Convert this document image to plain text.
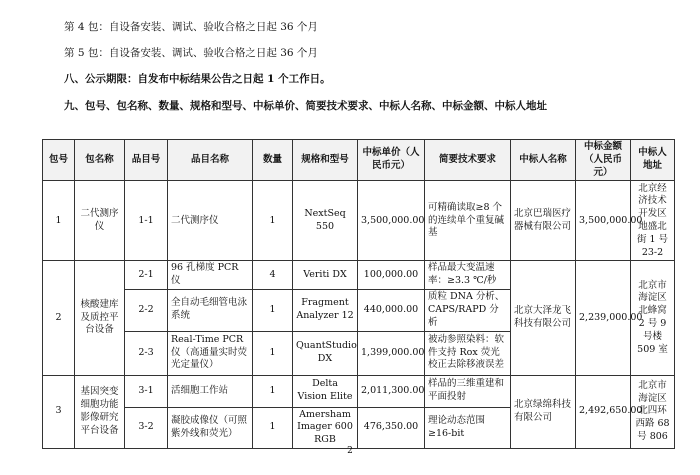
第 4 包：自设备安装、调试、验收合格之日起 36 个月
第 5 包：自设备安装、调试、验收合格之日起 36 个月
八、公示期限：自发布中标结果公告之日起 1 个工作日。
九、包号、包名称、数量、规格和型号、中标单价、简要技术要求、中标人名称、中标金额、中标人地址
包号	包名称	品目号	品目名称	数量	规格和型号	中标单价（人民币元）	简要技术要求	中标人名称	中标金额（人民币元）	中标人地址
1	二代测序仪	1-1	二代测序仪	1	NextSeq 550	3,500,000.00	可精确读取≥8 个的连续单个重复碱基	北京巴瑞医疗器械有限公司	3,500,000.00	北京经济技术开发区地盛北街 1 号 23-2
2	核酸建库及质控平台设备	2-1	96 孔梯度 PCR 仪	4	Veriti DX	100,000.00	样品最大变温速率：≥3.3 ℃/秒	北京大泽龙飞科技有限公司	2,239,000.00	北京市海淀区北蜂窝 2 号 9 号楼 509 室
		2-2	全自动毛细管电泳系统	1	Fragment Analyzer 12	440,000.00	质粒 DNA 分析、CAPS/RAPD 分析			
		2-3	Real-Time PCR 仪（高通量实时荧光定量仪）	1	QuantStudio DX	1,399,000.00	被动参照染料：软件支持 Rox 荧光校正去除移液误差			
3	基因突变细胞功能影像研究平台设备	3-1	活细胞工作站	1	Delta Vision Elite	2,011,300.00	样品的三维重建和平面投射	北京绿绵科技有限公司	2,492,650.00	北京市海淀区北四环西路 68 号 806
		3-2	凝胶成像仪（可照紫外线和荧光）	1	Amersham Imager 600 RGB	476,350.00	理论动态范围 ≥16-bit			
2
